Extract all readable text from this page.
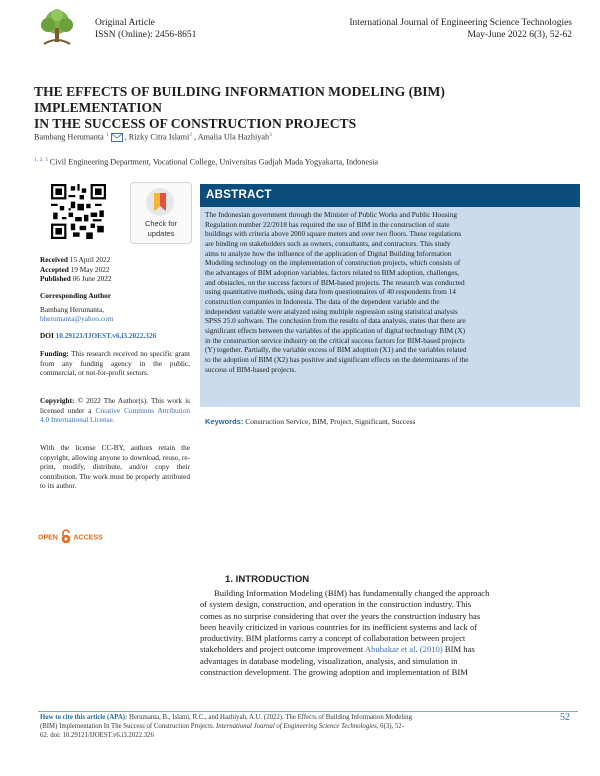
Original Article
ISSN (Online): 2456-8651
International Journal of Engineering Science Technologies
May-June 2022 6(3), 52-62
THE EFFECTS OF BUILDING INFORMATION MODELING (BIM) IMPLEMENTATION
IN THE SUCCESS OF CONSTRUCTION PROJECTS
Bambang Herumanta $^1$ , Rizky Citra Islami$^2$ , Amalia Ula Hazhiyah$^3$
$^{1, 2, 3}$ Civil Engineering Department, Vocational College, Universitas Gadjah Mada Yogyakarta, Indonesia
Check for
updates
Received 15 April 2022
Accepted 19 May 2022
Published 06 June 2022
Corresponding Author
Bambang Herumanta,
bherumanta@yahoo.com
DOI 10.29121/IJOEST.v6.i3.2022.326
Funding: This research received no specific grant from any funding agency in the public, commercial, or not-for-profit sectors.
Copyright: © 2022 The Author(s). This work is licensed under a Creative Commons Attribution 4.0 International License.
With the license CC-BY, authors retain the copyright, allowing anyone to download, reuse, re-print, modify, distribute, and/or copy their contribution. The work must be properly attributed to its author.
OPEN ACCESS
ABSTRACT
The Indonesian government through the Minister of Public Works and Public Housing
Regulation number 22/2018 has required the use of BIM in the construction of state
buildings with criteria above 2000 square meters and over two floors. These regulations
are binding on stakeholders such as owners, consultants, and contractors. This study
aims to analyze how the influence of the application of Digital Building Information
Modeling technology on the implementation of construction projects, which consists of
the advantages of BIM adoption variables, factors related to BIM adoption, challenges,
and obstacles, on the success factors of BIM-based projects. The research was conducted
using quantitative methods, using data from questionnaires of 40 respondents from 14
construction companies in Indonesia. The data of the dependent variable and the
independent variable were analyzed using multiple regression using statistical analysis
SPSS 25.0 software. The conclusion from the results of data analysis, states that there are
significant effects between the variables of the application of digital technology BIM (X)
in the construction service industry on the critical success factors for BIM-based projects
(Y) together. Partially, the variable excess of BIM adoption (X1) and the variables related
to the adoption of BIM (X2) has positive and significant effects on the determinants of the
success of BIM-based projects.
Keywords: Construction Service, BIM, Project, Significant, Success
1. INTRODUCTION
Building Information Modeling (BIM) has fundamentally changed the approach
of system design, construction, and operation in the construction industry. This
comes as no surprise considering that over the years the construction industry has
been heavily criticized in various countries for its inefficient systems and lack of
productivity. BIM platforms carry a concept of collaboration between project
stakeholders and project outcome improvement Abubakar et al. (2010) BIM has
advantages in database modeling, visualization, analysis, and simulation in
construction development. The growing adoption and implementation of BIM
How to cite this article (APA): Herumanta, B., Islami, R.C., and Hazhiyah, A.U. (2022). The Effects of Building Information Modeling
(BIM) Implementation In The Success of Construction Projects. International Journal of Engineering Science Technologies, 6(3), 52-
62. doi: 10.29121/IJOEST.v6.i3.2022.326
52
